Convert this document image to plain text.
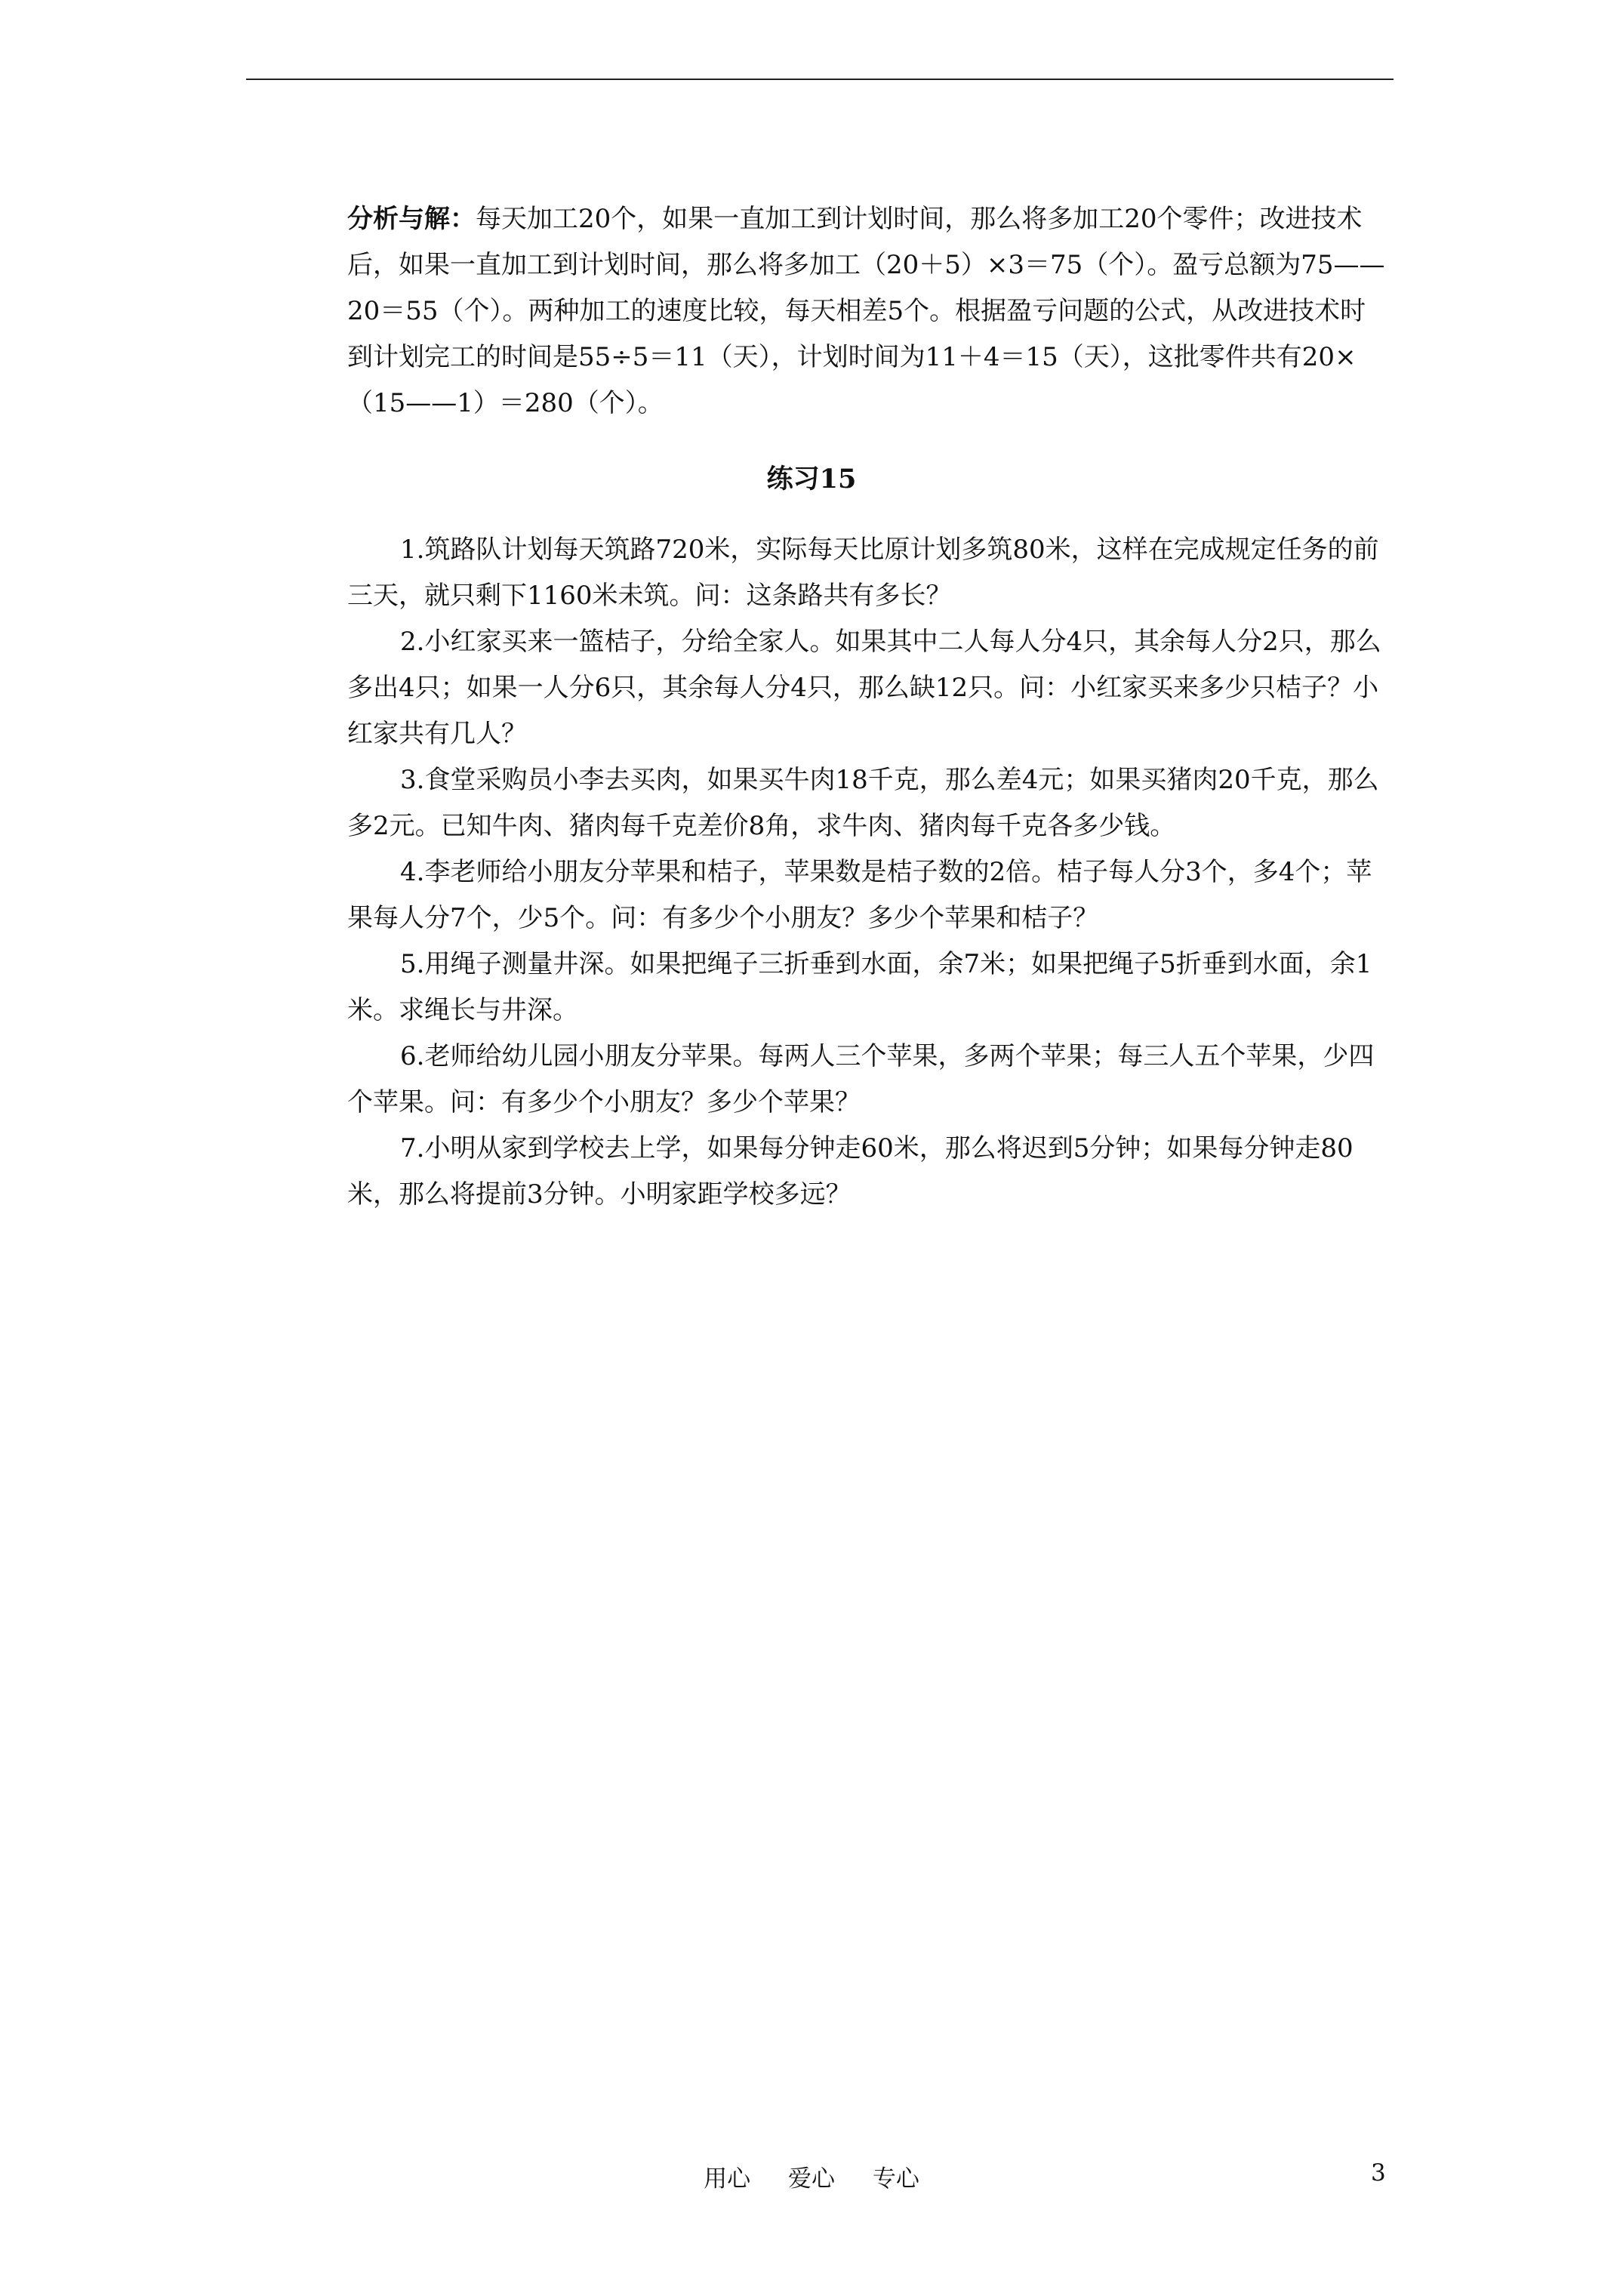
分析与解：每天加工20个，如果一直加工到计划时间，那么将多加工20个零件；改进技术后，如果一直加工到计划时间，那么将多加工（20＋5）×3＝75（个）。盈亏总额为75——20＝55（个）。两种加工的速度比较，每天相差5个。根据盈亏问题的公式，从改进技术时到计划完工的时间是55÷5＝11（天），计划时间为11＋4＝15（天），这批零件共有20×（15——1）＝280（个）。

练习15

1.筑路队计划每天筑路720米，实际每天比原计划多筑80米，这样在完成规定任务的前三天，就只剩下1160米未筑。问：这条路共有多长？

2.小红家买来一篮桔子，分给全家人。如果其中二人每人分4只，其余每人分2只，那么多出4只；如果一人分6只，其余每人分4只，那么缺12只。问：小红家买来多少只桔子？小红家共有几人？

3.食堂采购员小李去买肉，如果买牛肉18千克，那么差4元；如果买猪肉20千克，那么多2元。已知牛肉、猪肉每千克差价8角，求牛肉、猪肉每千克各多少钱。

4.李老师给小朋友分苹果和桔子，苹果数是桔子数的2倍。桔子每人分3个，多4个；苹果每人分7个，少5个。问：有多少个小朋友？多少个苹果和桔子？

5.用绳子测量井深。如果把绳子三折垂到水面，余7米；如果把绳子5折垂到水面，余1米。求绳长与井深。

6.老师给幼儿园小朋友分苹果。每两人三个苹果，多两个苹果；每三人五个苹果，少四个苹果。问：有多少个小朋友？多少个苹果？

7.小明从家到学校去上学，如果每分钟走60米，那么将迟到5分钟；如果每分钟走80米，那么将提前3分钟。小明家距学校多远？

用心 爱心 专心	3
